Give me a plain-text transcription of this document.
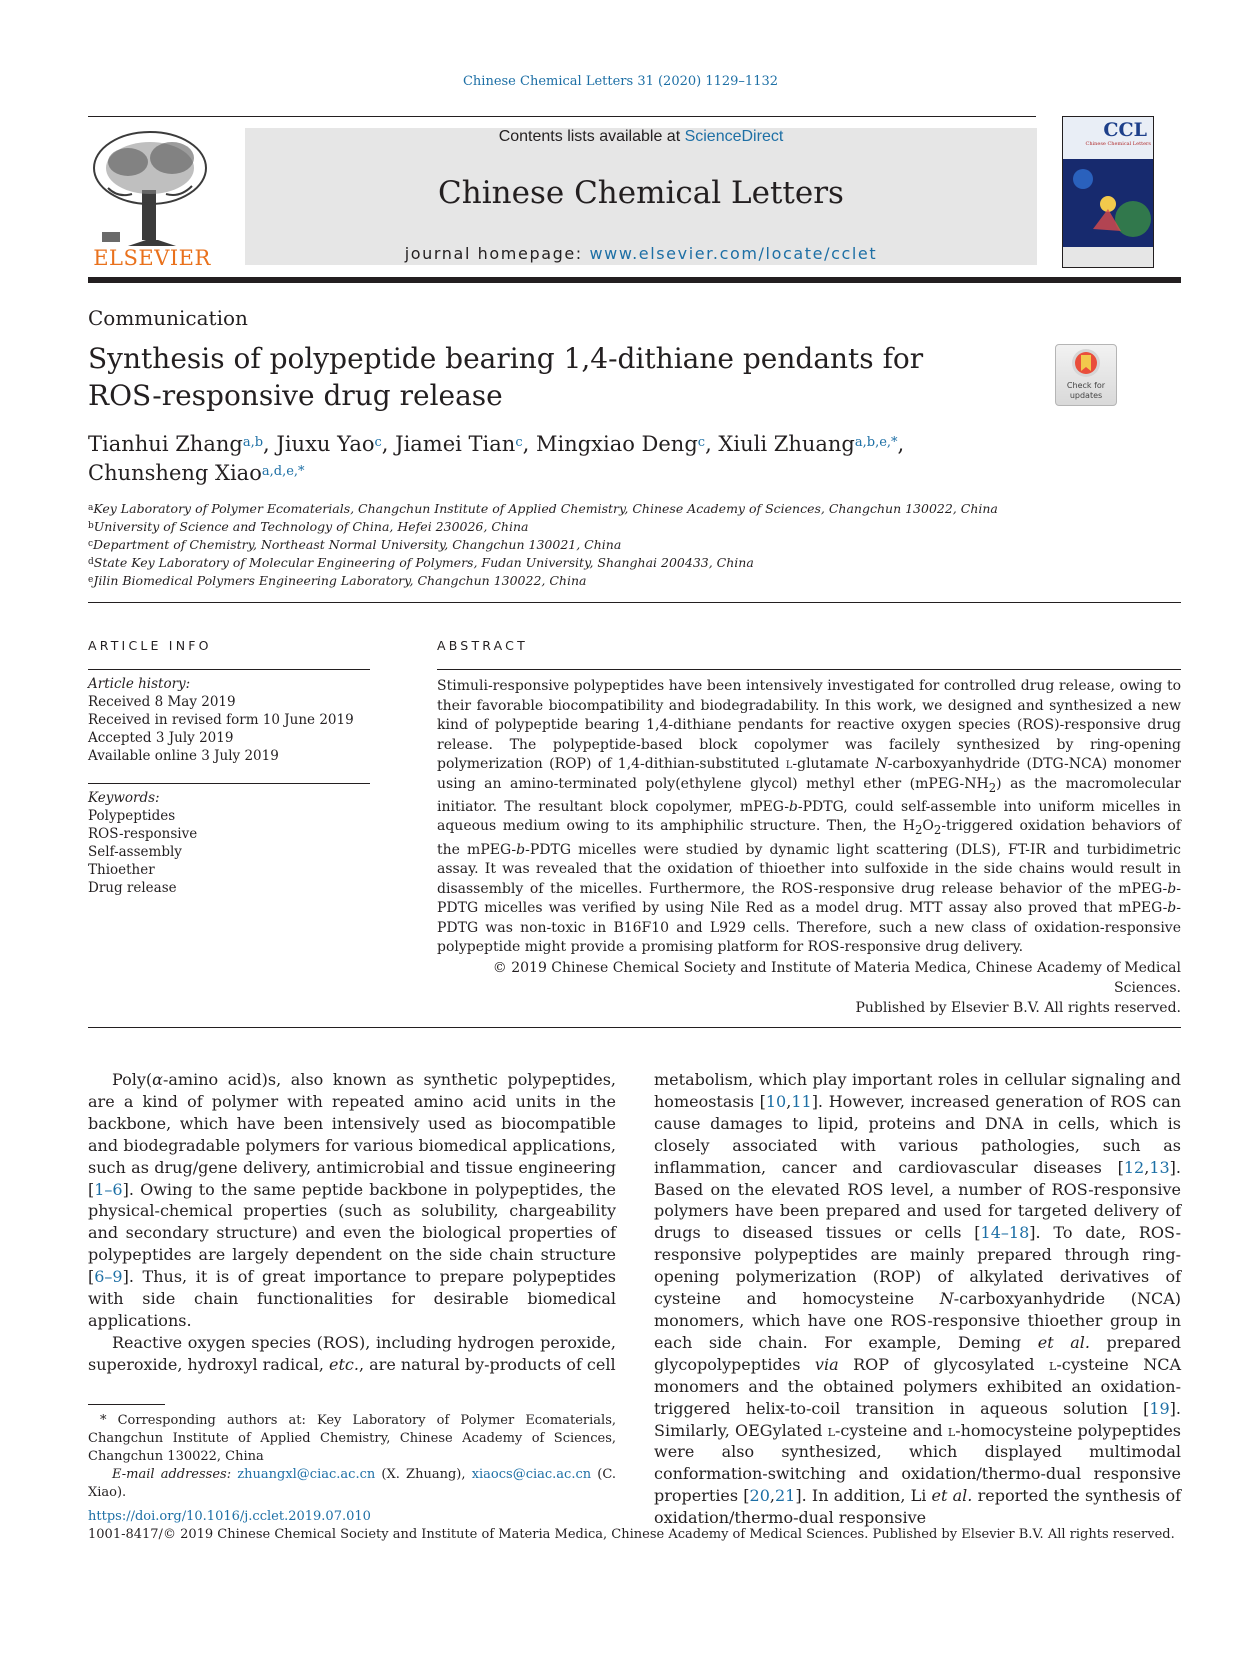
Chinese Chemical Letters 31 (2020) 1129–1132
ELSEVIER
Contents lists available at ScienceDirect
Chinese Chemical Letters
journal homepage: www.elsevier.com/locate/cclet
CCL
Chinese Chemical Letters
Communication
Synthesis of polypeptide bearing 1,4-dithiane pendants for ROS-responsive drug release	Check for updates
Tianhui Zhang$^{a,b}$, Jiuxu Yao$^c$, Jiamei Tian$^c$, Mingxiao Deng$^c$, Xiuli Zhuang$^{a,b,e,*}$,
Chunsheng Xiao$^{a,d,e,*}$
$^a$Key Laboratory of Polymer Ecomaterials, Changchun Institute of Applied Chemistry, Chinese Academy of Sciences, Changchun 130022, China
$^b$University of Science and Technology of China, Hefei 230026, China
$^c$Department of Chemistry, Northeast Normal University, Changchun 130021, China
$^d$State Key Laboratory of Molecular Engineering of Polymers, Fudan University, Shanghai 200433, China
$^e$Jilin Biomedical Polymers Engineering Laboratory, Changchun 130022, China
ARTICLE INFO	ABSTRACT
Article history:
Received 8 May 2019
Received in revised form 10 June 2019
Accepted 3 July 2019
Available online 3 July 2019
Keywords:
Polypeptides
ROS-responsive
Self-assembly
Thioether
Drug release
Stimuli-responsive polypeptides have been intensively investigated for controlled drug release, owing to their favorable biocompatibility and biodegradability. In this work, we designed and synthesized a new kind of polypeptide bearing 1,4-dithiane pendants for reactive oxygen species (ROS)-responsive drug release. The polypeptide-based block copolymer was facilely synthesized by ring-opening polymerization (ROP) of 1,4-dithian-substituted l-glutamate N-carboxyanhydride (DTG-NCA) monomer using an amino-terminated poly(ethylene glycol) methyl ether $(mPEG-NH_2)$ as the macromolecular initiator. The resultant block copolymer, mPEG-b-PDTG, could self-assemble into uniform micelles in aqueous medium owing to its amphiphilic structure. Then, the $H_2O_2$-triggered oxidation behaviors of the mPEG-b-PDTG micelles were studied by dynamic light scattering (DLS), FT-IR and turbidimetric assay. It was revealed that the oxidation of thioether into sulfoxide in the side chains would result in disassembly of the micelles. Furthermore, the ROS-responsive drug release behavior of the mPEG-b-PDTG micelles was verified by using Nile Red as a model drug. MTT assay also proved that mPEG-b-PDTG was non-toxic in B16F10 and L929 cells. Therefore, such a new class of oxidation-responsive polypeptide might provide a promising platform for ROS-responsive drug delivery.
© 2019 Chinese Chemical Society and Institute of Materia Medica, Chinese Academy of Medical Sciences.
Published by Elsevier B.V. All rights reserved.

Poly(α-amino acid)s, also known as synthetic polypeptides, are a kind of polymer with repeated amino acid units in the backbone, which have been intensively used as biocompatible and biodegradable polymers for various biomedical applications, such as drug/gene delivery, antimicrobial and tissue engineering [1–6]. Owing to the same peptide backbone in polypeptides, the physical-chemical properties (such as solubility, chargeability and secondary structure) and even the biological properties of polypeptides are largely dependent on the side chain structure [6–9]. Thus, it is of great importance to prepare polypeptides with side chain functionalities for desirable biomedical applications.

Reactive oxygen species (ROS), including hydrogen peroxide, superoxide, hydroxyl radical, etc., are natural by-products of cell

metabolism, which play important roles in cellular signaling and homeostasis [10,11]. However, increased generation of ROS can cause damages to lipid, proteins and DNA in cells, which is closely associated with various pathologies, such as inflammation, cancer and cardiovascular diseases [12,13]. Based on the elevated ROS level, a number of ROS-responsive polymers have been prepared and used for targeted delivery of drugs to diseased tissues or cells [14–18]. To date, ROS-responsive polypeptides are mainly prepared through ring-opening polymerization (ROP) of alkylated derivatives of cysteine and homocysteine N-carboxyanhydride (NCA) monomers, which have one ROS-responsive thioether group in each side chain. For example, Deming et al. prepared glycopolypeptides via ROP of glycosylated l-cysteine NCA monomers and the obtained polymers exhibited an oxidation-triggered helix-to-coil transition in aqueous solution [19]. Similarly, OEGylated l-cysteine and l-homocysteine polypeptides were also synthesized, which displayed multimodal conformation-switching and oxidation/thermo-dual responsive properties [20,21]. In addition, Li et al. reported the synthesis of oxidation/thermo-dual responsive

* Corresponding authors at: Key Laboratory of Polymer Ecomaterials, Changchun Institute of Applied Chemistry, Chinese Academy of Sciences, Changchun 130022, China
E-mail addresses: zhuangxl@ciac.ac.cn (X. Zhuang), xiaocs@ciac.ac.cn (C. Xiao).
https://doi.org/10.1016/j.cclet.2019.07.010
1001-8417/© 2019 Chinese Chemical Society and Institute of Materia Medica, Chinese Academy of Medical Sciences. Published by Elsevier B.V. All rights reserved.
